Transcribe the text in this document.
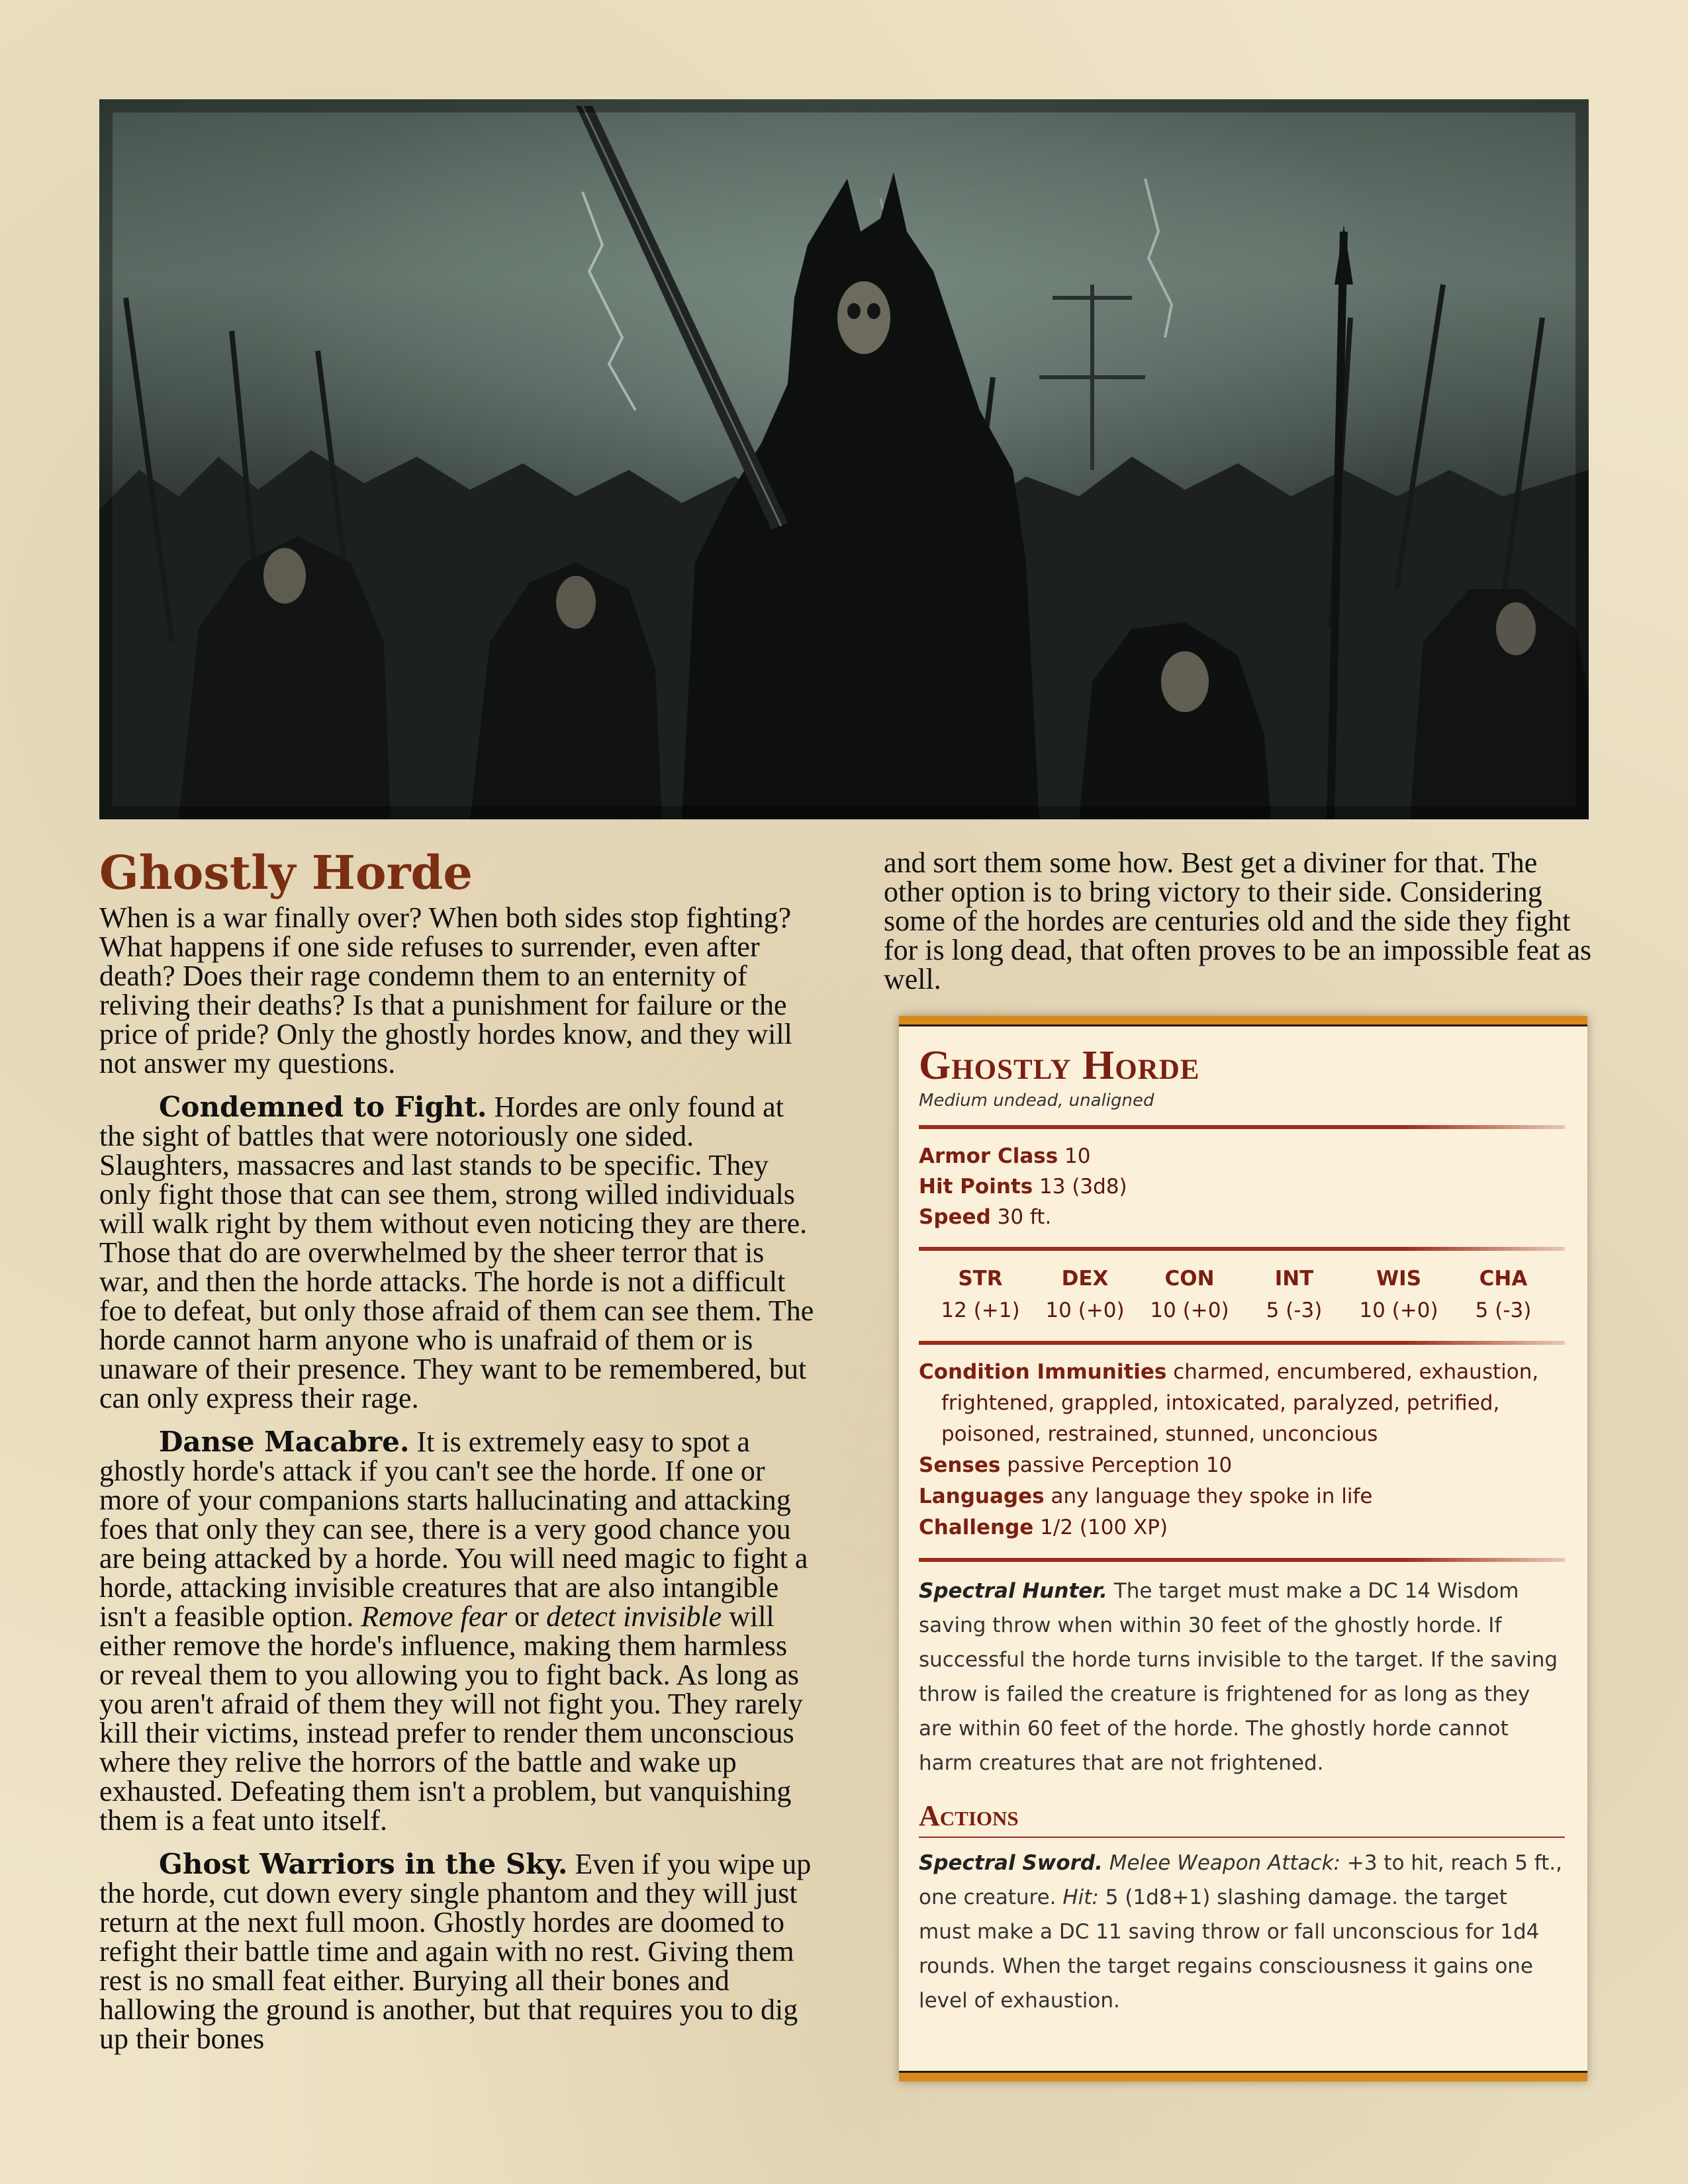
Ghostly Horde

When is a war finally over? When both sides stop fighting? What happens if one side refuses to surrender, even after death? Does their rage condemn them to an enternity of reliving their deaths? Is that a punishment for failure or the price of pride? Only the ghostly hordes know, and they will not answer my questions.

Condemned to Fight. Hordes are only found at the sight of battles that were notoriously one sided. Slaughters, massacres and last stands to be specific. They only fight those that can see them, strong willed individuals will walk right by them without even noticing they are there. Those that do are overwhelmed by the sheer terror that is war, and then the horde attacks. The horde is not a difficult foe to defeat, but only those afraid of them can see them. The horde cannot harm anyone who is unafraid of them or is unaware of their presence. They want to be remembered, but can only express their rage.

Danse Macabre. It is extremely easy to spot a ghostly horde's attack if you can't see the horde. If one or more of your companions starts hallucinating and attacking foes that only they can see, there is a very good chance you are being attacked by a horde. You will need magic to fight a horde, attacking invisible creatures that are also intangible isn't a feasible option. Remove fear or detect invisible will either remove the horde's influence, making them harmless or reveal them to you allowing you to fight back. As long as you aren't afraid of them they will not fight you. They rarely kill their victims, instead prefer to render them unconscious where they relive the horrors of the battle and wake up exhausted. Defeating them isn't a problem, but vanquishing them is a feat unto itself.

Ghost Warriors in the Sky. Even if you wipe up the horde, cut down every single phantom and they will just return at the next full moon. Ghostly hordes are doomed to refight their battle time and again with no rest. Giving them rest is no small feat either. Burying all their bones and hallowing the ground is another, but that requires you to dig up their bones

and sort them some how. Best get a diviner for that. The other option is to bring victory to their side. Considering some of the hordes are centuries old and the side they fight for is long dead, that often proves to be an impossible feat as well.

Ghostly Horde

Medium undead, unaligned

Armor Class 10
Hit Points 13 (3d8)
Speed 30 ft.
STR
12 (+1)
DEX
10 (+0)
CON
10 (+0)
INT
5 (-3)
WIS
10 (+0)
CHA
5 (-3)
Condition Immunities charmed, encumbered, exhaustion, frightened, grappled, intoxicated, paralyzed, petrified, poisoned, restrained, stunned, unconcious
Senses passive Perception 10
Languages any language they spoke in life
Challenge 1/2 (100 XP)
Spectral Hunter. The target must make a DC 14 Wisdom saving throw when within 30 feet of the ghostly horde. If successful the horde turns invisible to the target. If the saving throw is failed the creature is frightened for as long as they are within 60 feet of the horde. The ghostly horde cannot harm creatures that are not frightened.
Actions
Spectral Sword. Melee Weapon Attack: +3 to hit, reach 5 ft., one creature. Hit: 5 (1d8+1) slashing damage. the target must make a DC 11 saving throw or fall unconscious for 1d4 rounds. When the target regains consciousness it gains one level of exhaustion.
